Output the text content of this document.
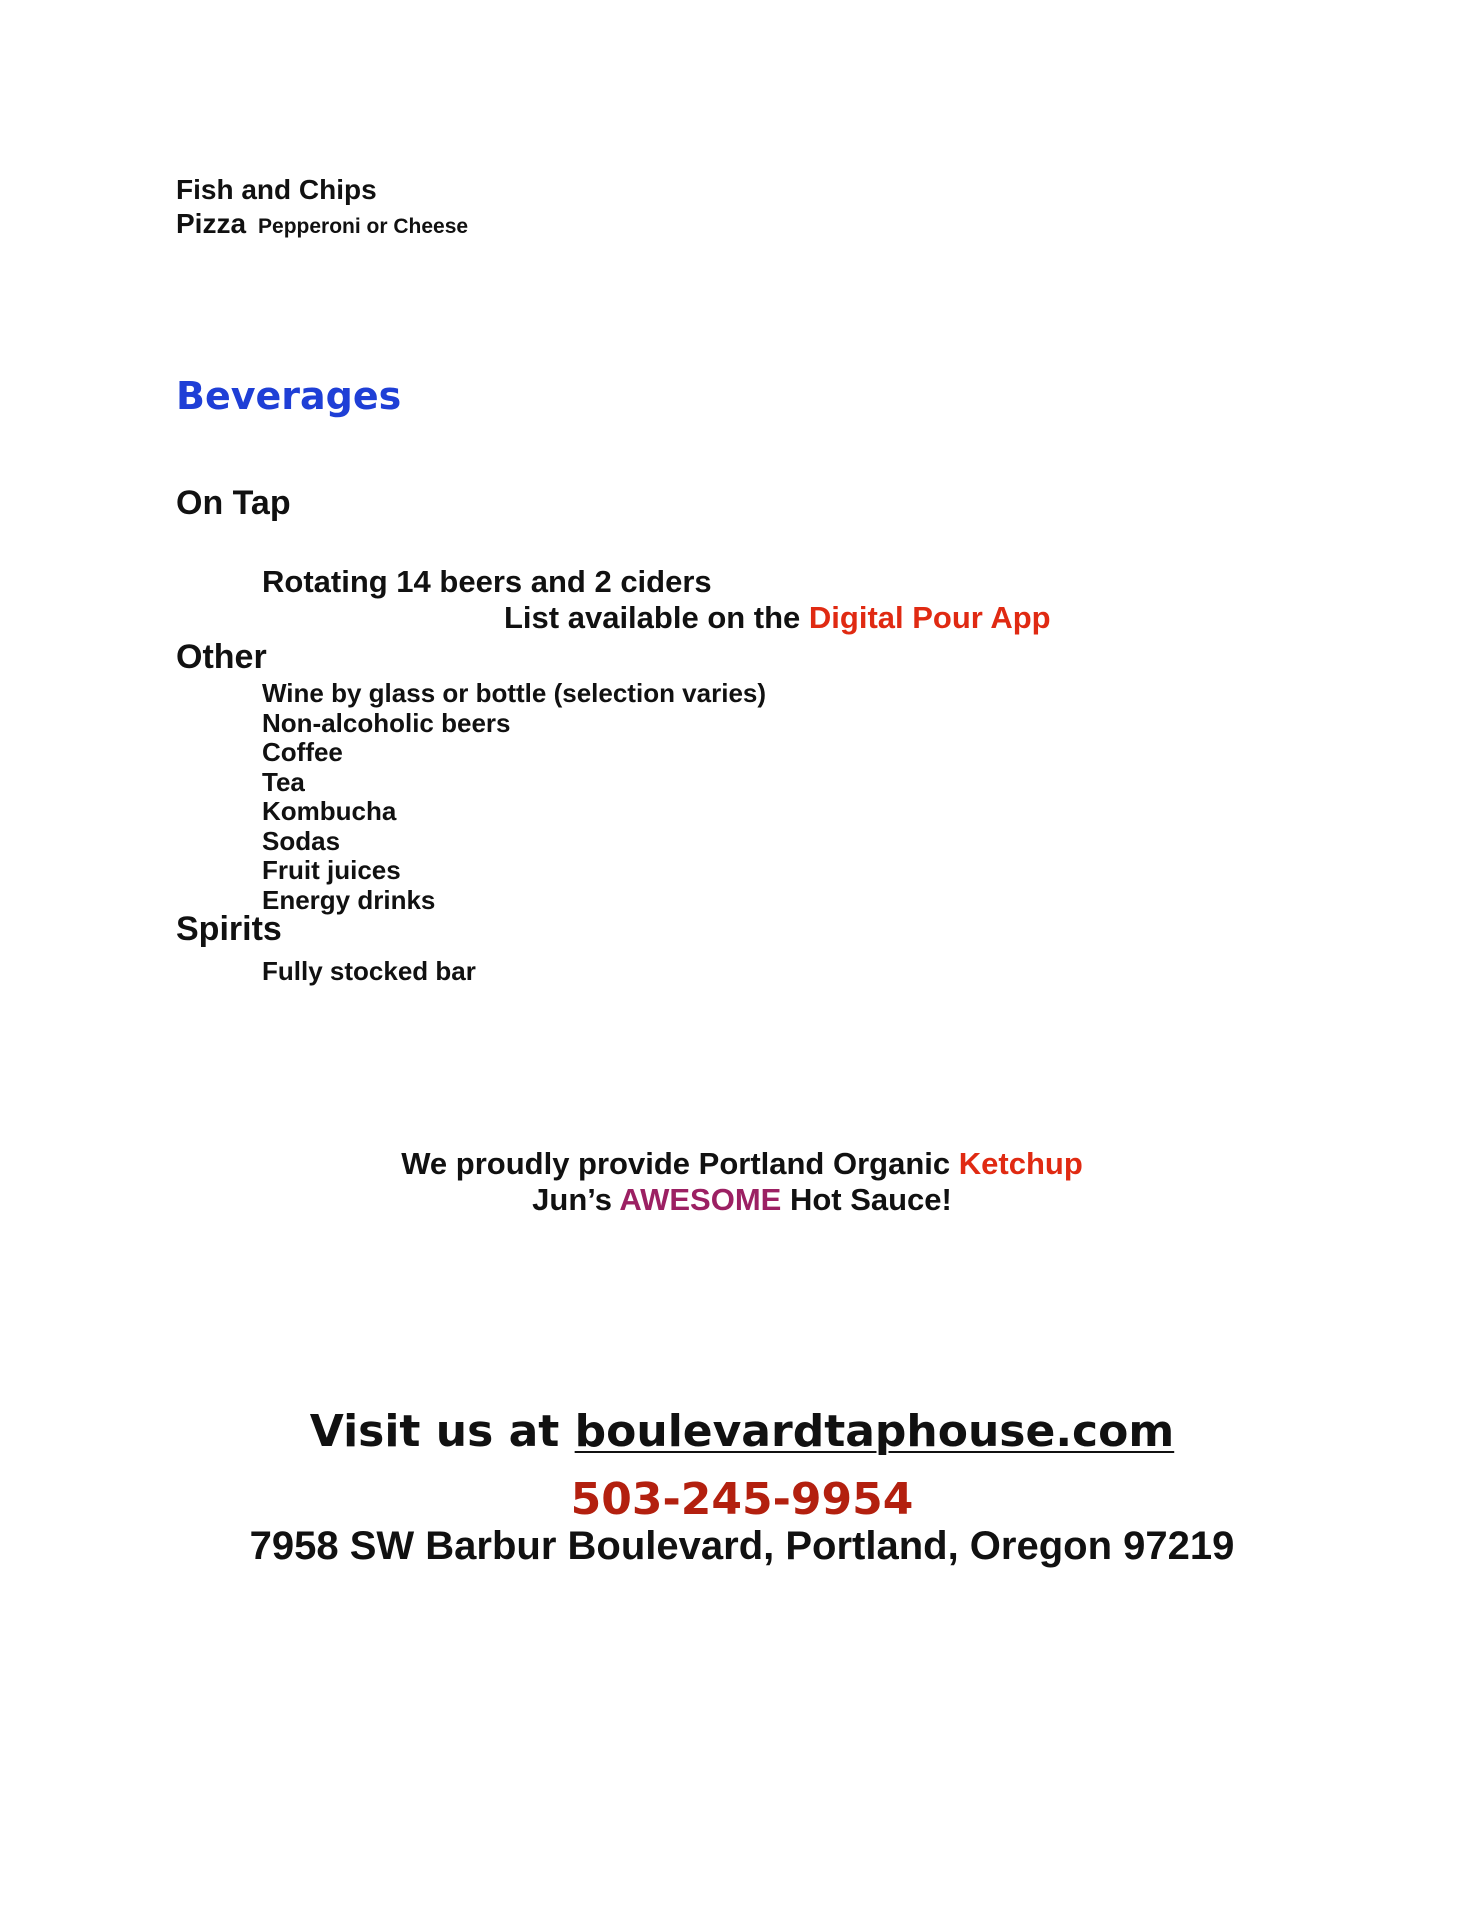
Fish and Chips
Pizza Pepperoni or Cheese
Beverages
On Tap
Rotating 14 beers and 2 ciders
List available on the Digital Pour App
Other
Wine by glass or bottle (selection varies)
Non-alcoholic beers
Coffee
Tea
Kombucha
Sodas
Fruit juices
Energy drinks
Spirits
Fully stocked bar
We proudly provide Portland Organic Ketchup
Jun’s AWESOME Hot Sauce!
Visit us at boulevardtaphouse.com
503-245-9954
7958 SW Barbur Boulevard, Portland, Oregon 97219
